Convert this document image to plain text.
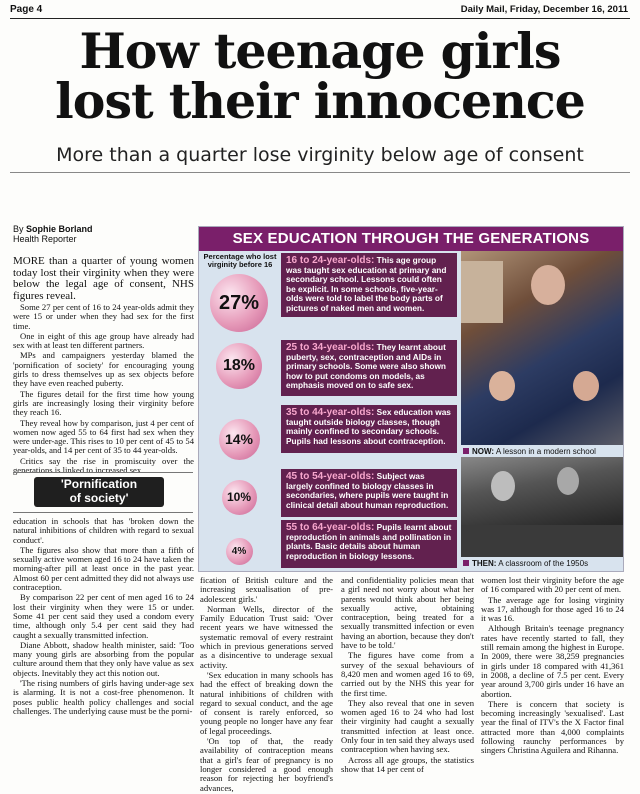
Page 4	Daily Mail, Friday, December 16, 2011
How teenage girls
lost their innocence
More than a quarter lose virginity below age of consent
By Sophie Borland
Health Reporter

MORE than a quarter of young women today lost their virginity when they were below the legal age of consent, NHS figures reveal.

Some 27 per cent of 16 to 24 year-olds admit they were 15 or under when they had sex for the first time.

One in eight of this age group have already had sex with at least ten different partners.

MPs and campaigners yesterday blamed the 'pornification of society' for encouraging young girls to dress themselves up as sex objects before they have even reached puberty.

The figures detail for the first time how young girls are increasingly losing their virginity before they reach 16.

They reveal how by comparison, just 4 per cent of women now aged 55 to 64 first had sex when they were under-age. This rises to 10 per cent of 45 to 54 year-olds, and 14 per cent of 35 to 44 year-olds.

Critics say the rise in promiscuity over the generations is linked to increased sex

'Pornification
of society'

education in schools that has 'broken down the natural inhibitions of children with regard to sexual conduct'.

The figures also show that more than a fifth of sexually active women aged 16 to 24 have taken the morning-after pill at least once in the past year. Almost 60 per cent admitted they did not always use contraception.

By comparison 22 per cent of men aged 16 to 24 lost their virginity when they were 15 or under. Some 41 per cent said they used a condom every time, although only 5.4 per cent said they had caught a sexually transmitted infection.

Diane Abbott, shadow health minister, said: 'Too many young girls are absorbing from the popular culture around them that they only have value as sex objects. Inevitably they act this notion out.

'The rising numbers of girls having under-age sex is alarming. It is not a cost-free phenomenon. It poses public health policy challenges and social challenges. The underlying cause must be the porni-

fication of British culture and the increasing sexualisation of pre-adolescent girls.'

Norman Wells, director of the Family Education Trust said: 'Over recent years we have witnessed the systematic removal of every restraint which in previous generations served as a disincentive to underage sexual activity.

'Sex education in many schools has had the effect of breaking down the natural inhibitions of children with regard to sexual conduct, and the age of consent is rarely enforced, so young people no longer have any fear of legal proceedings.

'On top of that, the ready availability of contraception means that a girl's fear of pregnancy is no longer considered a good enough reason for rejecting her boyfriend's advances,

and confidentiality policies mean that a girl need not worry about what her parents would think about her being sexually active, obtaining contraception, being treated for a sexually transmitted infection or even having an abortion, because they don't have to be told.'

The figures have come from a survey of the sexual behaviours of 8,420 men and women aged 16 to 69, carried out by the NHS this year for the first time.

They also reveal that one in seven women aged 16 to 24 who had lost their virginity had caught a sexually transmitted infection at least once. Only four in ten said they always used contraception when having sex.

Across all age groups, the statistics show that 14 per cent of

women lost their virginity before the age of 16 compared with 20 per cent of men.

The average age for losing virginity was 17, although for those aged 16 to 24 it was 16.

Although Britain's teenage pregnancy rates have recently started to fall, they still remain among the highest in Europe. In 2009, there were 38,259 pregnancies in girls under 18 compared with 41,361 in 2008, a decline of 7.5 per cent. Every year around 3,700 girls under 16 have an abortion.

There is concern that society is becoming increasingly 'sexualised'. Last year the final of ITV's the X Factor final attracted more than 4,000 complaints following raunchy performances by singers Christina Aguilera and Rihanna.

SEX EDUCATION THROUGH THE GENERATIONS
Percentage who lost virginity before 16
27%
18%
14%
10%
4%
16 to 24-year-olds: This age group was taught sex education at primary and secondary school. Lessons could often be explicit. In some schools, five-year-olds were told to label the body parts of pictures of naked men and women.
25 to 34-year-olds: They learnt about puberty, sex, contraception and AIDs in primary schools. Some were also shown how to put condoms on models, as emphasis moved on to safe sex.
35 to 44-year-olds: Sex education was taught outside biology classes, though mainly confined to secondary schools. Pupils had lessons about contraception.
45 to 54-year-olds: Subject was largely confined to biology classes in secondaries, where pupils were taught in clinical detail about human reproduction.
55 to 64-year-olds: Pupils learnt about reproduction in animals and pollination in plants. Basic details about human reproduction in biology lessons.
NOW: A lesson in a modern school
THEN: A classroom of the 1950s
